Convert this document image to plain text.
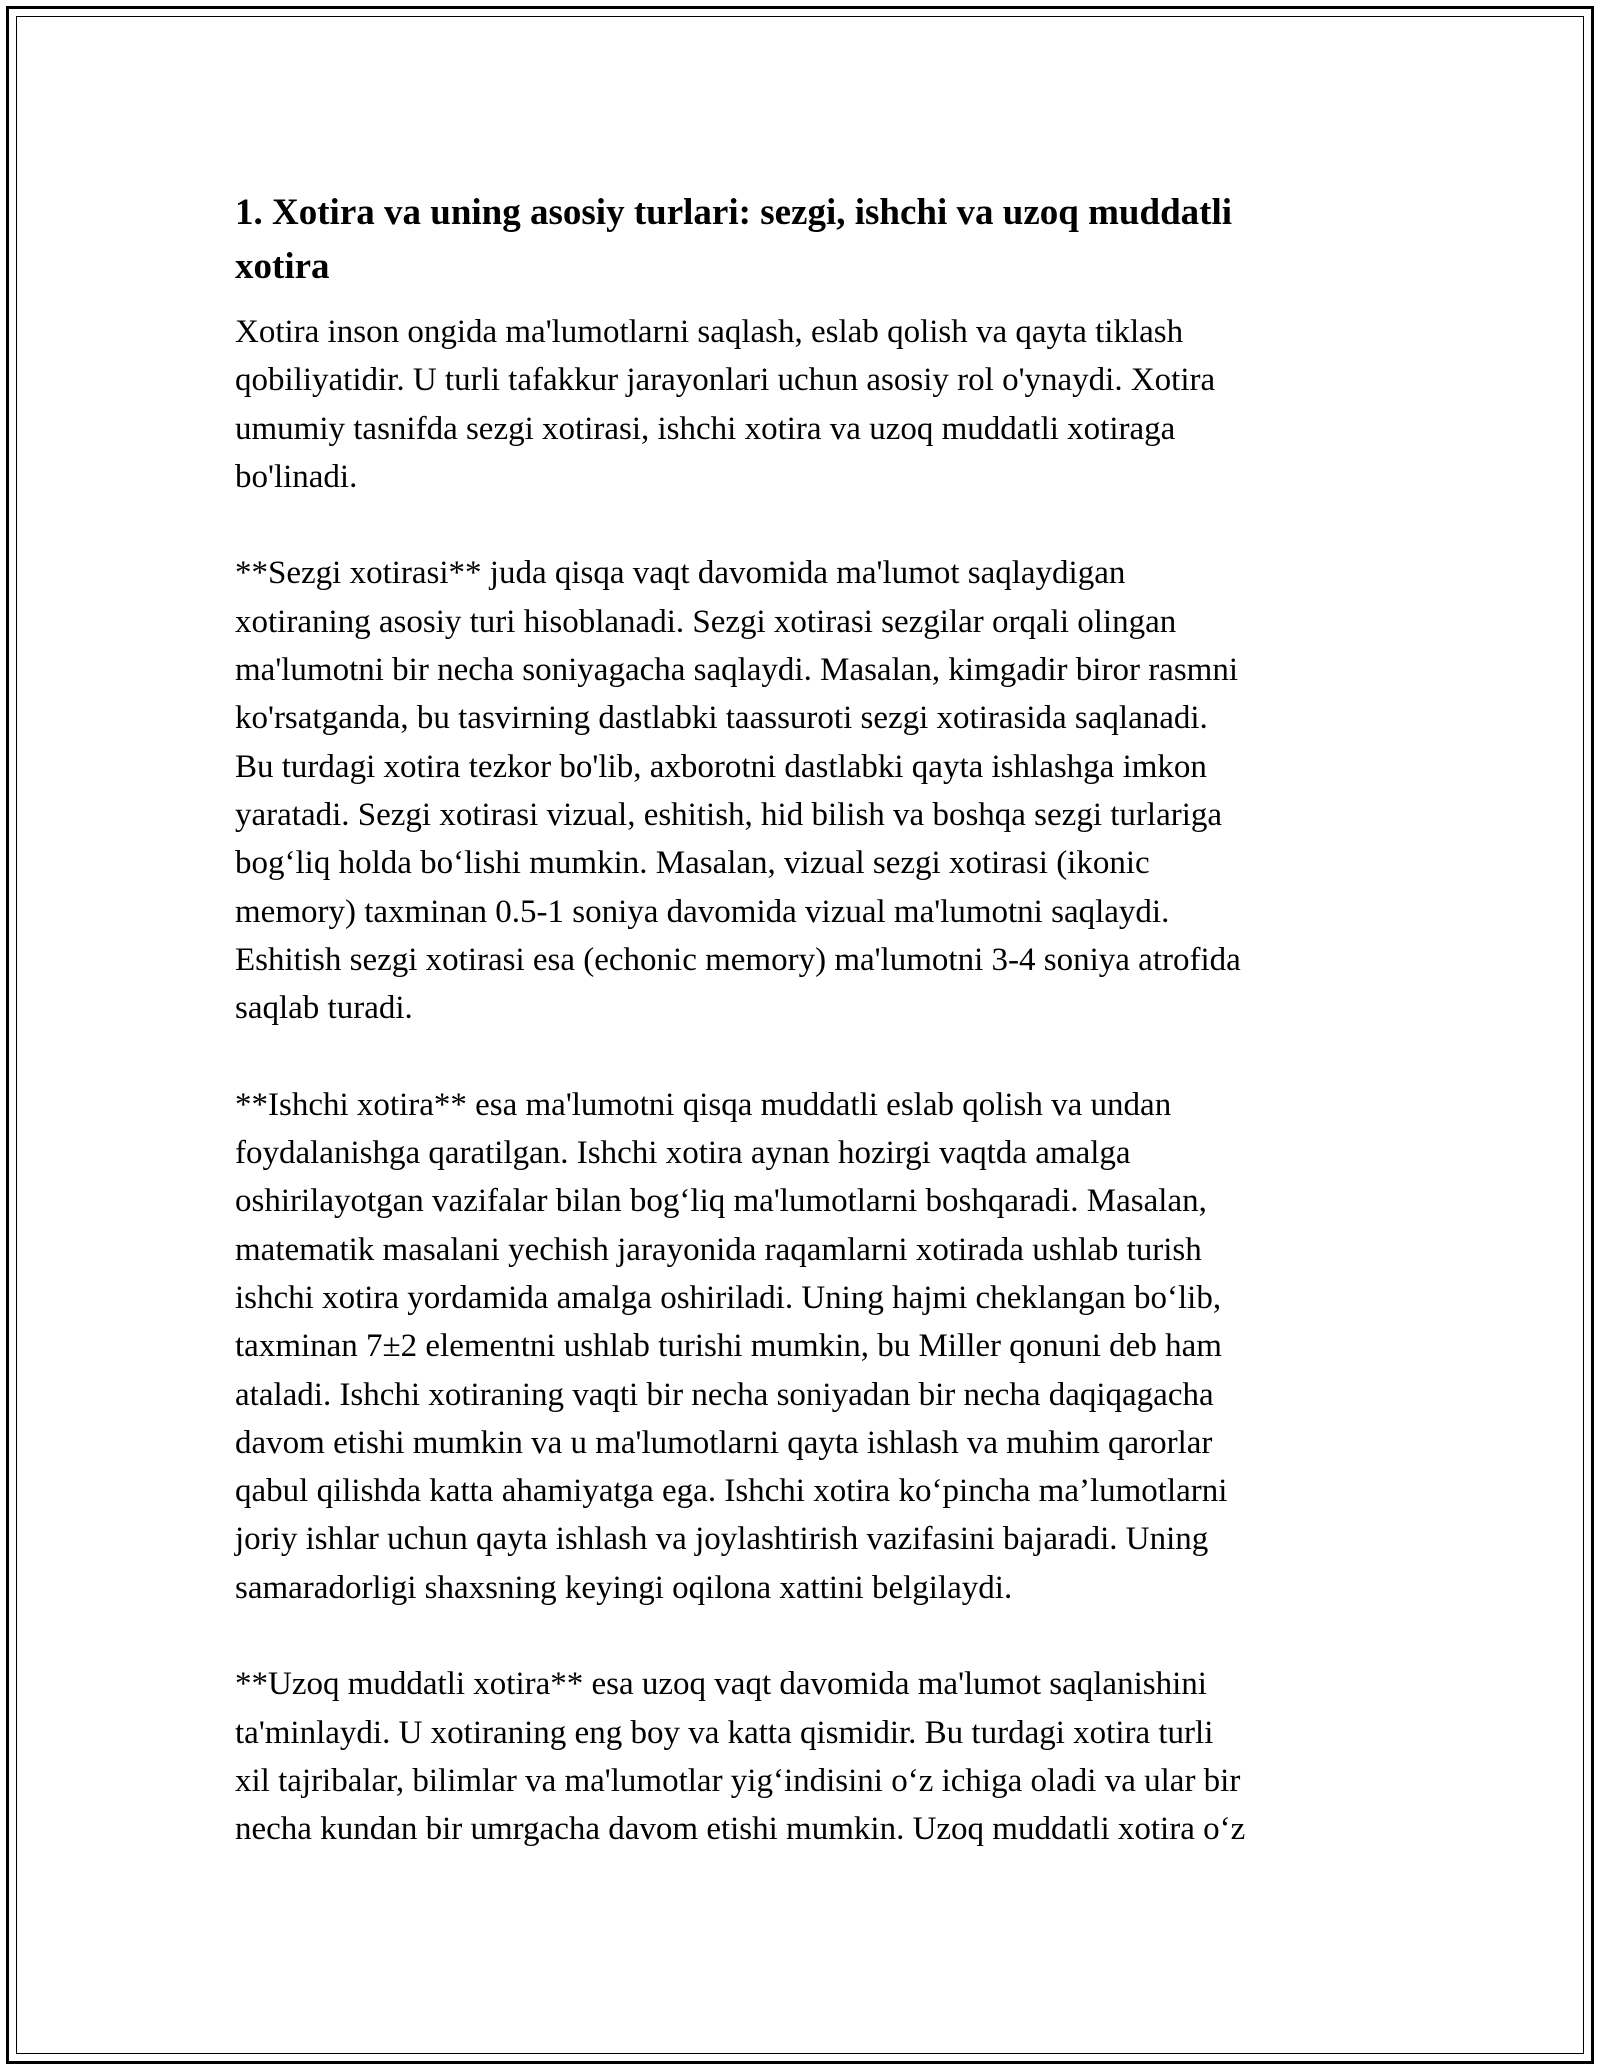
1. Xotira va uning asosiy turlari: sezgi, ishchi va uzoq muddatli
xotira

Xotira inson ongida ma'lumotlarni saqlash, eslab qolish va qayta tiklash
qobiliyatidir. U turli tafakkur jarayonlari uchun asosiy rol o'ynaydi. Xotira
umumiy tasnifda sezgi xotirasi, ishchi xotira va uzoq muddatli xotiraga
bo'linadi.

**Sezgi xotirasi** juda qisqa vaqt davomida ma'lumot saqlaydigan
xotiraning asosiy turi hisoblanadi. Sezgi xotirasi sezgilar orqali olingan
ma'lumotni bir necha soniyagacha saqlaydi. Masalan, kimgadir biror rasmni
ko'rsatganda, bu tasvirning dastlabki taassuroti sezgi xotirasida saqlanadi.
Bu turdagi xotira tezkor bo'lib, axborotni dastlabki qayta ishlashga imkon
yaratadi. Sezgi xotirasi vizual, eshitish, hid bilish va boshqa sezgi turlariga
bog‘liq holda bo‘lishi mumkin. Masalan, vizual sezgi xotirasi (ikonic
memory) taxminan 0.5-1 soniya davomida vizual ma'lumotni saqlaydi.
Eshitish sezgi xotirasi esa (echonic memory) ma'lumotni 3-4 soniya atrofida
saqlab turadi.

**Ishchi xotira** esa ma'lumotni qisqa muddatli eslab qolish va undan
foydalanishga qaratilgan. Ishchi xotira aynan hozirgi vaqtda amalga
oshirilayotgan vazifalar bilan bog‘liq ma'lumotlarni boshqaradi. Masalan,
matematik masalani yechish jarayonida raqamlarni xotirada ushlab turish
ishchi xotira yordamida amalga oshiriladi. Uning hajmi cheklangan bo‘lib,
taxminan 7±2 elementni ushlab turishi mumkin, bu Miller qonuni deb ham
ataladi. Ishchi xotiraning vaqti bir necha soniyadan bir necha daqiqagacha
davom etishi mumkin va u ma'lumotlarni qayta ishlash va muhim qarorlar
qabul qilishda katta ahamiyatga ega. Ishchi xotira ko‘pincha ma’lumotlarni
joriy ishlar uchun qayta ishlash va joylashtirish vazifasini bajaradi. Uning
samaradorligi shaxsning keyingi oqilona xattini belgilaydi.

**Uzoq muddatli xotira** esa uzoq vaqt davomida ma'lumot saqlanishini
ta'minlaydi. U xotiraning eng boy va katta qismidir. Bu turdagi xotira turli
xil tajribalar, bilimlar va ma'lumotlar yig‘indisini o‘z ichiga oladi va ular bir
necha kundan bir umrgacha davom etishi mumkin. Uzoq muddatli xotira o‘z
